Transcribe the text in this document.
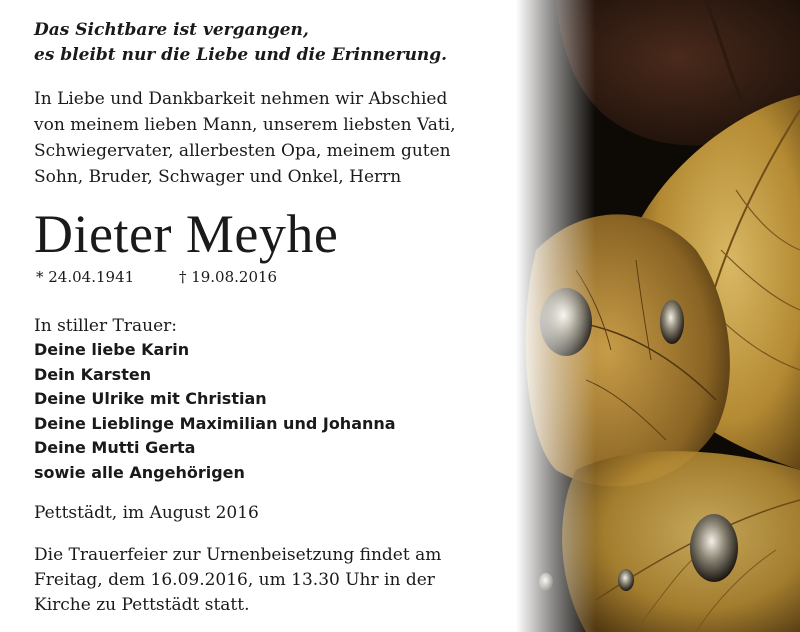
Das Sichtbare ist vergangen,
es bleibt nur die Liebe und die Erinnerung.

In Liebe und Dankbarkeit nehmen wir Abschied
von meinem lieben Mann, unserem liebsten Vati,
Schwiegervater, allerbesten Opa, meinem guten
Sohn, Bruder, Schwager und Onkel, Herrn

Dieter Meyhe
* 24.04.1941	† 19.08.2016

In stiller Trauer:

Deine liebe Karin
Dein Karsten
Deine Ulrike mit Christian
Deine Lieblinge Maximilian und Johanna
Deine Mutti Gerta
sowie alle Angehörigen

Pettstädt, im August 2016

Die Trauerfeier zur Urnenbeisetzung findet am
Freitag, dem 16.09.2016, um 13.30 Uhr in der
Kirche zu Pettstädt statt.
